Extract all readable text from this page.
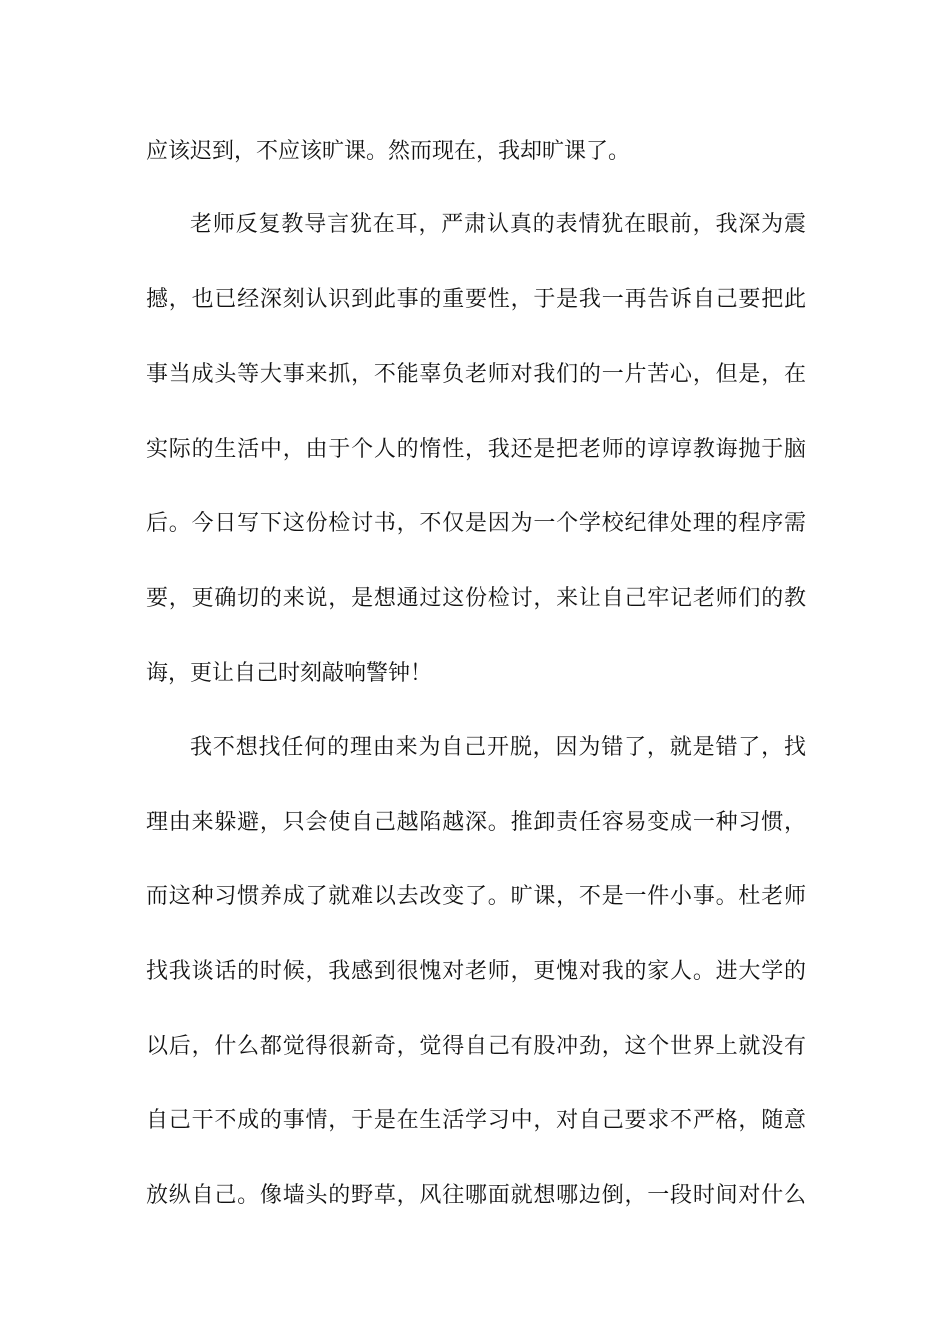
应该迟到，不应该旷课。然而现在，我却旷课了。
老师反复教导言犹在耳，严肃认真的表情犹在眼前，我深为震
撼，也已经深刻认识到此事的重要性，于是我一再告诉自己要把此
事当成头等大事来抓，不能辜负老师对我们的一片苦心，但是，在
实际的生活中，由于个人的惰性，我还是把老师的谆谆教诲抛于脑
后。今日写下这份检讨书，不仅是因为一个学校纪律处理的程序需
要，更确切的来说，是想通过这份检讨，来让自己牢记老师们的教
诲，更让自己时刻敲响警钟！
我不想找任何的理由来为自己开脱，因为错了，就是错了，找
理由来躲避，只会使自己越陷越深。推卸责任容易变成一种习惯，
而这种习惯养成了就难以去改变了。旷课，不是一件小事。杜老师
找我谈话的时候，我感到很愧对老师，更愧对我的家人。进大学的
以后，什么都觉得很新奇，觉得自己有股冲劲，这个世界上就没有
自己干不成的事情，于是在生活学习中，对自己要求不严格，随意
放纵自己。像墙头的野草，风往哪面就想哪边倒，一段时间对什么
